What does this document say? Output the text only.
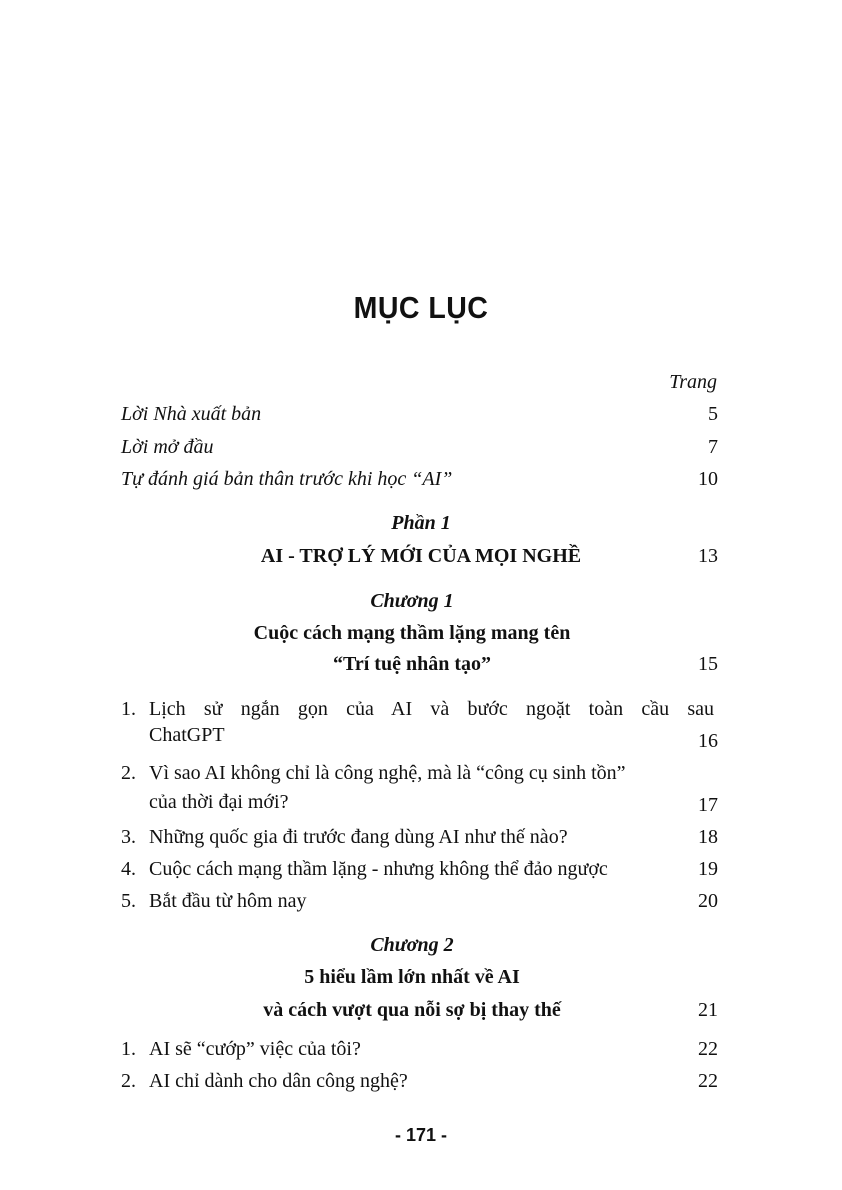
MỤC LỤC
Trang
Lời Nhà xuất bản	5
Lời mở đầu	7
Tự đánh giá bản thân trước khi học “AI”	10
Phần 1
AI - TRỢ LÝ MỚI CỦA MỌI NGHỀ	13
Chương 1
Cuộc cách mạng thầm lặng mang tên
“Trí tuệ nhân tạo”	15
1. Lịch sử ngắn gọn của AI và bước ngoặt toàn cầu sau
ChatGPT	16
2. Vì sao AI không chỉ là công nghệ, mà là “công cụ sinh tồn”
của thời đại mới?	17
3. Những quốc gia đi trước đang dùng AI như thế nào?	18
4. Cuộc cách mạng thầm lặng - nhưng không thể đảo ngược	19
5. Bắt đầu từ hôm nay	20
Chương 2
5 hiểu lầm lớn nhất về AI
và cách vượt qua nỗi sợ bị thay thế	21
1. AI sẽ “cướp” việc của tôi?	22
2. AI chỉ dành cho dân công nghệ?	22
- 171 -
